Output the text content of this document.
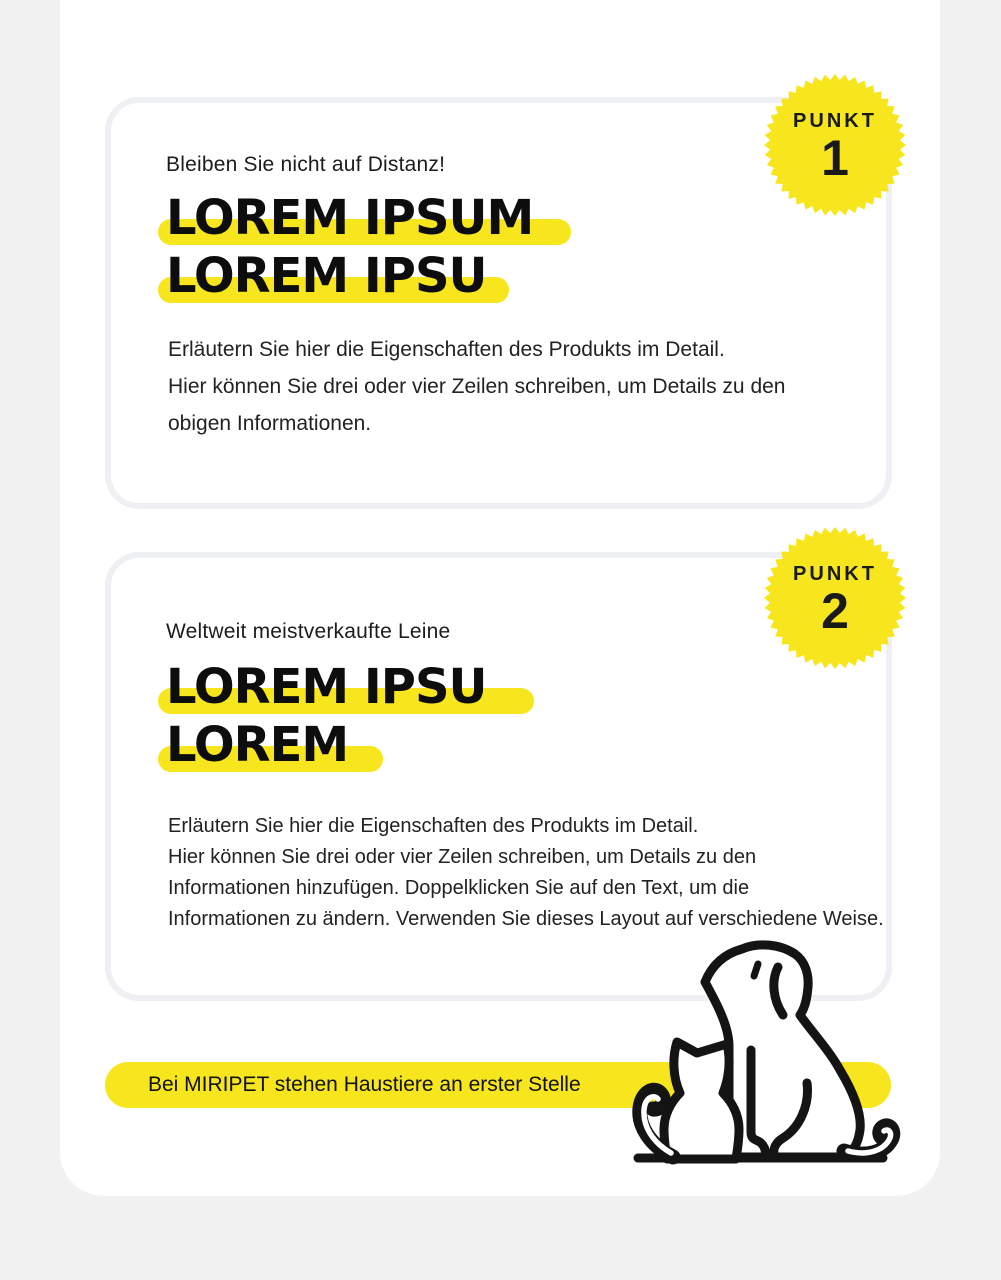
Bleiben Sie nicht auf Distanz!
LOREM IPSUM
LOREM IPSU
Erläutern Sie hier die Eigenschaften des Produkts im Detail.
Hier können Sie drei oder vier Zeilen schreiben, um Details zu den
obigen Informationen.
PUNKT
1
Weltweit meistverkaufte Leine
LOREM IPSU
LOREM
Erläutern Sie hier die Eigenschaften des Produkts im Detail.
Hier können Sie drei oder vier Zeilen schreiben, um Details zu den
Informationen hinzufügen. Doppelklicken Sie auf den Text, um die
Informationen zu ändern. Verwenden Sie dieses Layout auf verschiedene Weise.
PUNKT
2
Bei MIRIPET stehen Haustiere an erster Stelle
